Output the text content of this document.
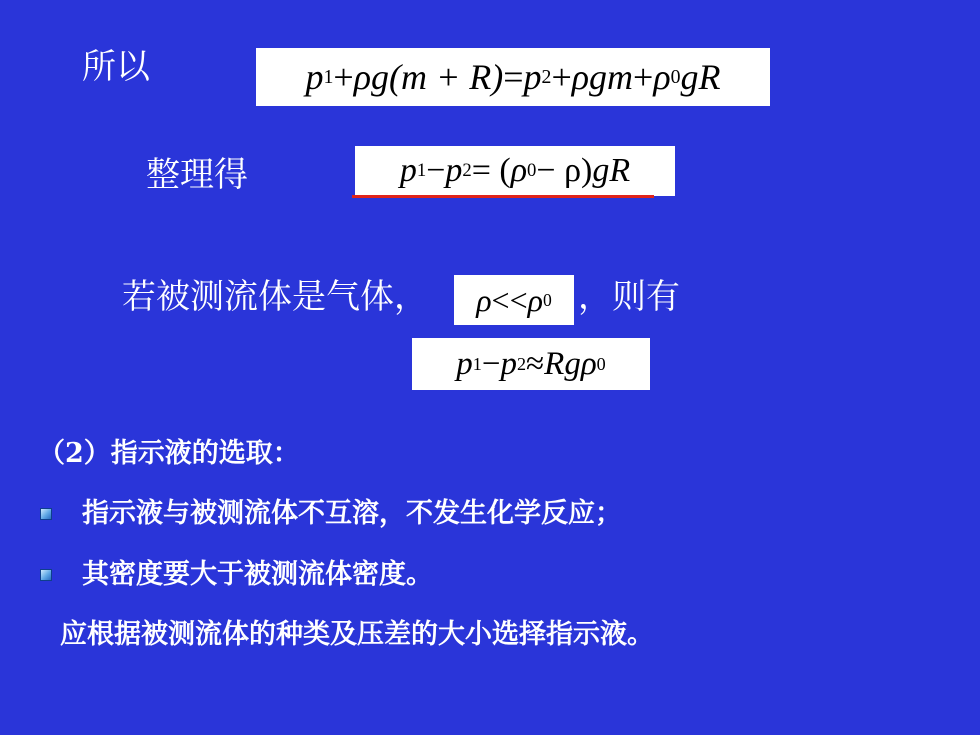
所以	p 1 + ρg (m + R) = p 2 + ρgm + ρ 0 gR
整理得	p 1 − p 2 = ( ρ 0 − ρ) gR
若被测流体是气体， ρ << ρ 0 ，则有
p 1 − p 2 ≈ Rg ρ 0
（2）指示液的选取：
指示液与被测流体不互溶，不发生化学反应；
其密度要大于被测流体密度。
应根据被测流体的种类及压差的大小选择指示液。
